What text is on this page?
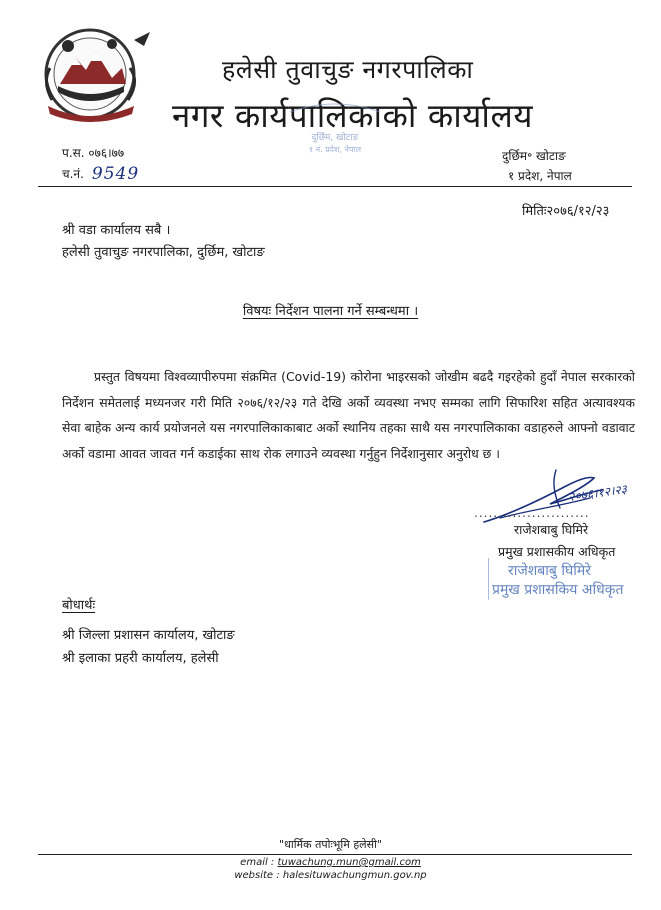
हलेसी तुवाचुङ नगरपालिका
नगर कार्यपालिकाको कार्यालय
दुर्छिम, खोटाङ
१ नं. प्रदेश, नेपाल
प.स. ०७६।७७
च.नं. 9549
दुर्छिम॰ खोटाङ
१ प्रदेश, नेपाल
मितिः२०७६/१२/२३
श्री वडा कार्यालय सबै ।
हलेसी तुवाचुङ नगरपालिका, दुर्छिम, खोटाङ
विषयः निर्देशन पालना गर्ने सम्बन्धमा ।
प्रस्तुत विषयमा विश्वव्यापीरुपमा संक्रमित (Covid-19) कोरोना भाइरसको जोखीम बढदै गइरहेको हुदाँ नेपाल सरकारको निर्देशन समेतलाई मध्यनजर गरी मिति २०७६/१२/२३ गते देखि अर्को व्यवस्था नभए सम्मका लागि सिफारिश सहित अत्यावश्यक सेवा बाहेक अन्य कार्य प्रयोजनले यस नगरपालिकाकाबाट अर्को स्थानिय तहका साथै यस नगरपालिकाका वडाहरुले आफ्नो वडावाट अर्को वडामा आवत जावत गर्न कडाईका साथ रोक लगाउने व्यवस्था गर्नुहुन निर्देशानुसार अनुरोध छ ।
२०७६।१२।२३
........................
राजेशबाबु घिमिरे
प्रमुख प्रशासकीय अधिकृत
राजेशबाबु घिमिरे
प्रमुख प्रशासकिय अधिकृत
बोधार्थः
श्री जिल्ला प्रशासन कार्यालय, खोटाङ
श्री इलाका प्रहरी कार्यालय, हलेसी
"धार्मिक तपोःभूमि हलेसी"
email : tuwachung.mun@gmail.com
website : halesituwachungmun.gov.np
